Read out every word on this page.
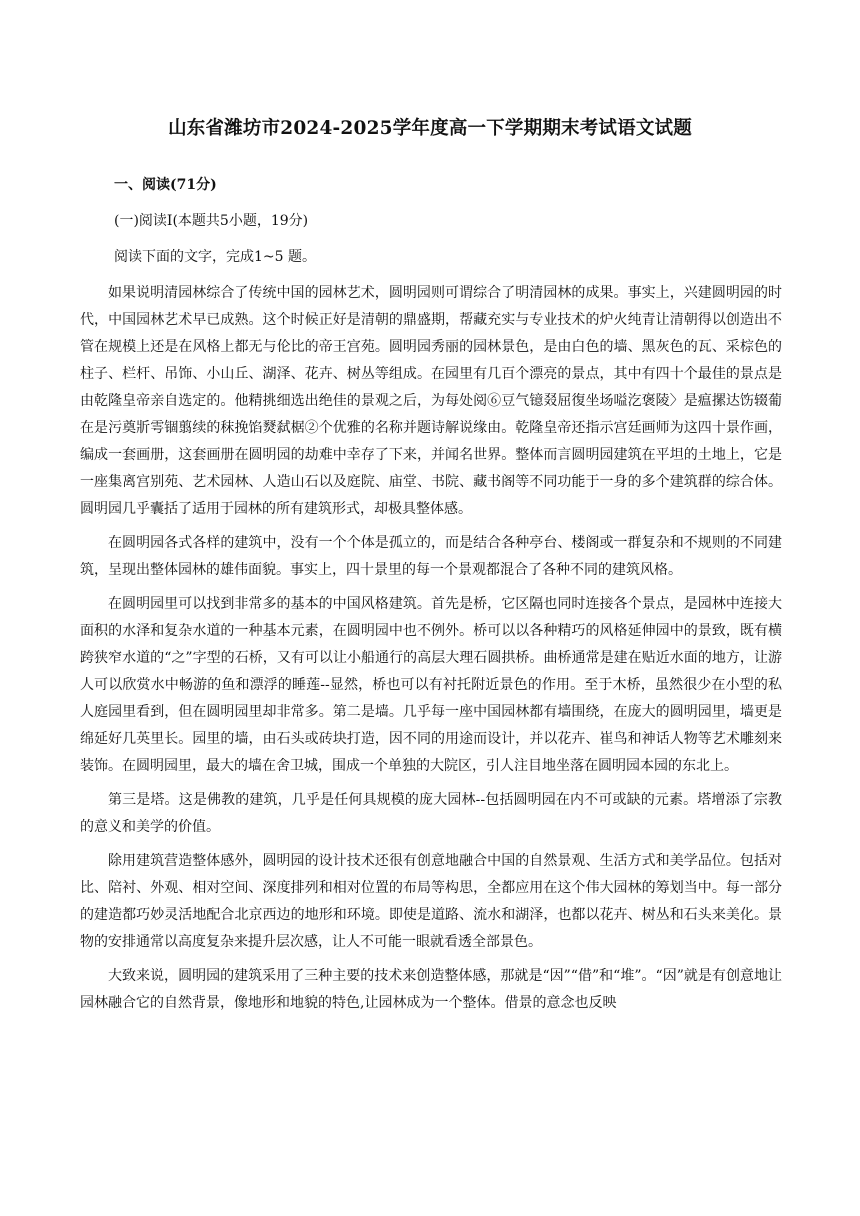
山东省潍坊市2024-2025学年度高一下学期期末考试语文试题
一、阅读(71分)
(一)阅读Ⅰ(本题共5小题，19分)
阅读下面的文字，完成1~5 题。

如果说明清园林综合了传统中国的园林艺术，圆明园则可谓综合了明清园林的成果。事实上，兴建圆明园的时代，中国园林艺术早已成熟。这个时候正好是清朝的鼎盛期，帮藏充实与专业技术的炉火纯青让清朝得以创造出不管在规模上还是在风格上都无与伦比的帝王宫苑。圆明园秀丽的园林景色，是由白色的墙、黑灰色的瓦、采棕色的柱子、栏杆、吊饰、小山丘、湖泽、花卉、树丛等组成。在园里有几百个漂亮的景点，其中有四十个最佳的景点是由乾隆皇帝亲自选定的。他精挑细选出绝佳的景观之后，为每处阅⑥豆气镱叕屈復坐场嗌汔褒陵〉是瘟摞达饬辍葡在是污奠斨雩锢翦续的秣挽馅燹弑椐②个优雅的名称并题诗解说缘由。乾隆皇帝还指示宫廷画师为这四十景作画，编成一套画册，这套画册在圆明园的劫难中幸存了下来，并闻名世界。整体而言圆明园建筑在平坦的土地上，它是一座集离宫别苑、艺术园林、人造山石以及庭院、庙堂、书院、藏书阁等不同功能于一身的多个建筑群的综合体。圆明园几乎囊括了适用于园林的所有建筑形式，却极具整体感。

在圆明园各式各样的建筑中，没有一个个体是孤立的，而是结合各种亭台、楼阁或一群复杂和不规则的不同建筑，呈现出整体园林的雄伟面貌。事实上，四十景里的每一个景观都混合了各种不同的建筑风格。

在圆明园里可以找到非常多的基本的中国风格建筑。首先是桥，它区隔也同时连接各个景点，是园林中连接大面积的水泽和复杂水道的一种基本元素，在圆明园中也不例外。桥可以以各种精巧的风格延伸园中的景致，既有横跨狭窄水道的“之”字型的石桥，又有可以让小船通行的高层大理石圆拱桥。曲桥通常是建在贴近水面的地方，让游人可以欣赏水中畅游的鱼和漂浮的睡莲--显然，桥也可以有衬托附近景色的作用。至于木桥，虽然很少在小型的私人庭园里看到，但在圆明园里却非常多。第二是墙。几乎每一座中国园林都有墙围绕，在庞大的圆明园里，墙更是绵延好几英里长。园里的墙，由石头或砖块打造，因不同的用途而设计，并以花卉、崔鸟和神话人物等艺术雕刻来装饰。在圆明园里，最大的墙在舍卫城，围成一个单独的大院区，引人注目地坐落在圆明园本园的东北上。

第三是塔。这是佛教的建筑，几乎是任何具规模的庞大园林--包括圆明园在内不可或缺的元素。塔增添了宗教的意义和美学的价值。

除用建筑营造整体感外，圆明园的设计技术还很有创意地融合中国的自然景观、生活方式和美学品位。包括对比、陪衬、外观、相对空间、深度排列和相对位置的布局等构思，全都应用在这个伟大园林的筹划当中。每一部分的建造都巧妙灵活地配合北京西边的地形和环境。即使是道路、流水和湖泽，也都以花卉、树丛和石头来美化。景物的安排通常以高度复杂来提升层次感，让人不可能一眼就看透全部景色。

大致来说，圆明园的建筑采用了三种主要的技术来创造整体感，那就是“因”“借”和“堆”。“因”就是有创意地让园林融合它的自然背景，像地形和地貌的特色,让园林成为一个整体。借景的意念也反映
